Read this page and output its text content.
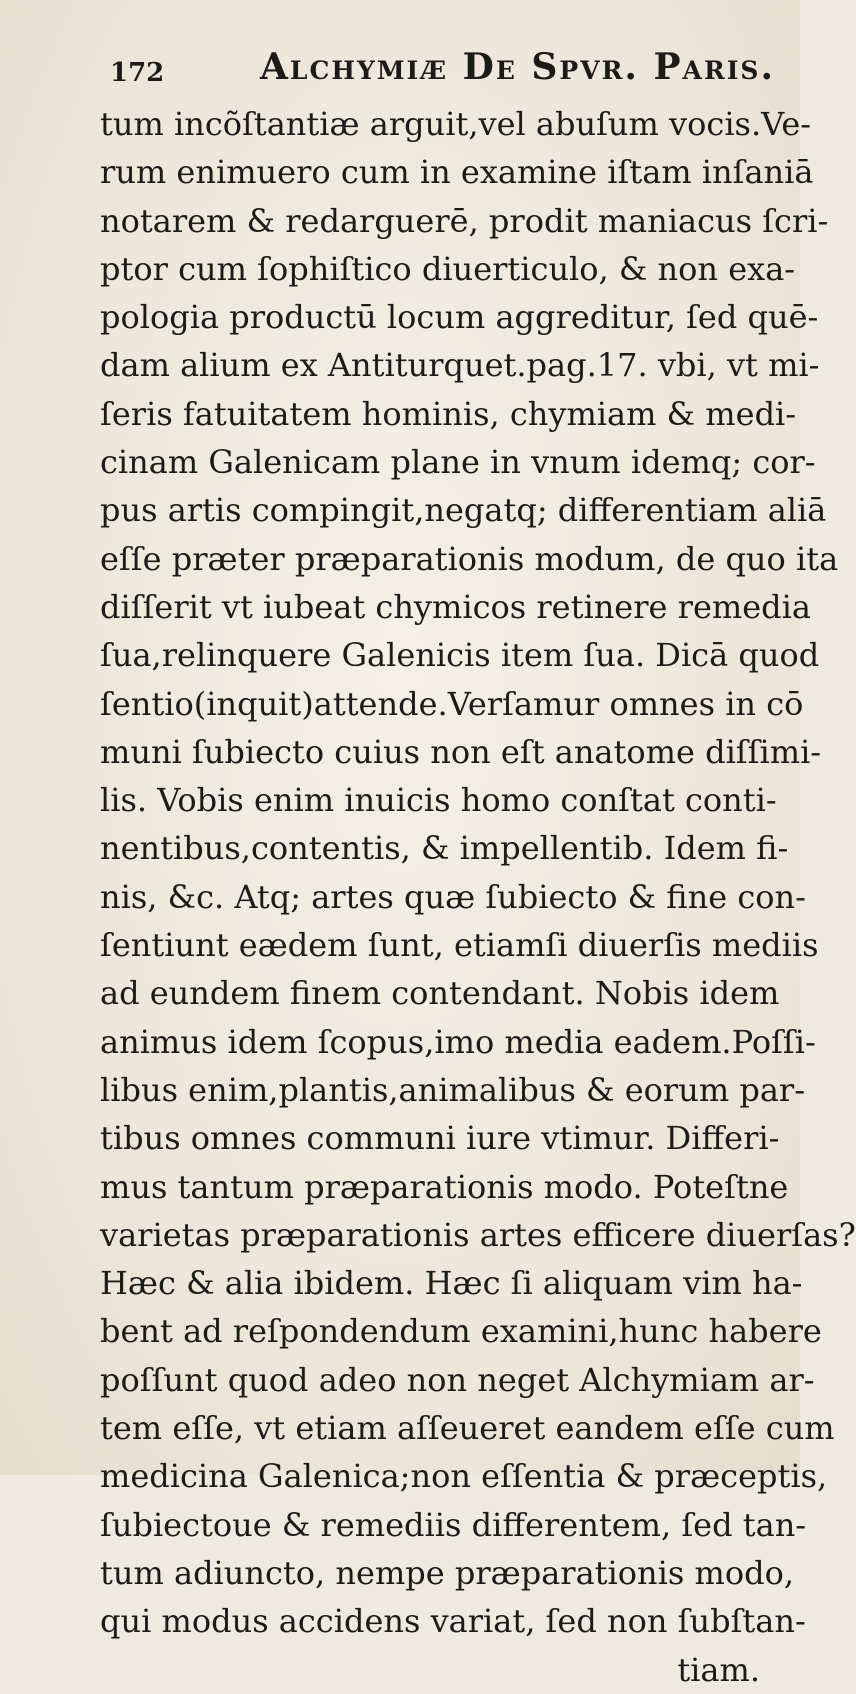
172	Alchymiæ De Spvr. Paris.
tum incõſtantiæ arguit,vel abuſum vocis.Ve-
rum enimuero cum in examine iſtam inſaniā
notarem & redarguerē, prodit maniacus ſcri-
ptor cum ſophiſtico diuerticulo, & non exa-
pologia productū locum aggreditur, ſed quē-
dam alium ex Antiturquet.pag.17. vbi, vt mi-
ſeris fatuitatem hominis, chymiam & medi-
cinam Galenicam plane in vnum idemq; cor-
pus artis compingit,negatq; differentiam aliā
eſſe præter præparationis modum, de quo ita
diſſerit vt iubeat chymicos retinere remedia
ſua,relinquere Galenicis item ſua. Dicā quod
ſentio(inquit)attende.Verſamur omnes in cō
muni ſubiecto cuius non eſt anatome diſſimi-
lis. Vobis enim inuicis homo conſtat conti-
nentibus,contentis, & impellentib. Idem fi-
nis, &c. Atq; artes quæ ſubiecto & fine con-
ſentiunt eædem ſunt, etiamſi diuerſis mediis
ad eundem finem contendant. Nobis idem
animus idem ſcopus,imo media eadem.Poſſi-
libus enim,plantis,animalibus & eorum par-
tibus omnes communi iure vtimur. Differi-
mus tantum præparationis modo. Poteſtne
varietas præparationis artes efficere diuerſas?
Hæc & alia ibidem. Hæc ſi aliquam vim ha-
bent ad reſpondendum examini,hunc habere
poſſunt quod adeo non neget Alchymiam ar-
tem eſſe, vt etiam aſſeueret eandem eſſe cum
medicina Galenica;non eſſentia & præceptis,
ſubiectoue & remediis differentem, ſed tan-
tum adiuncto, nempe præparationis modo,
qui modus accidens variat, ſed non ſubſtan-
tiam.
